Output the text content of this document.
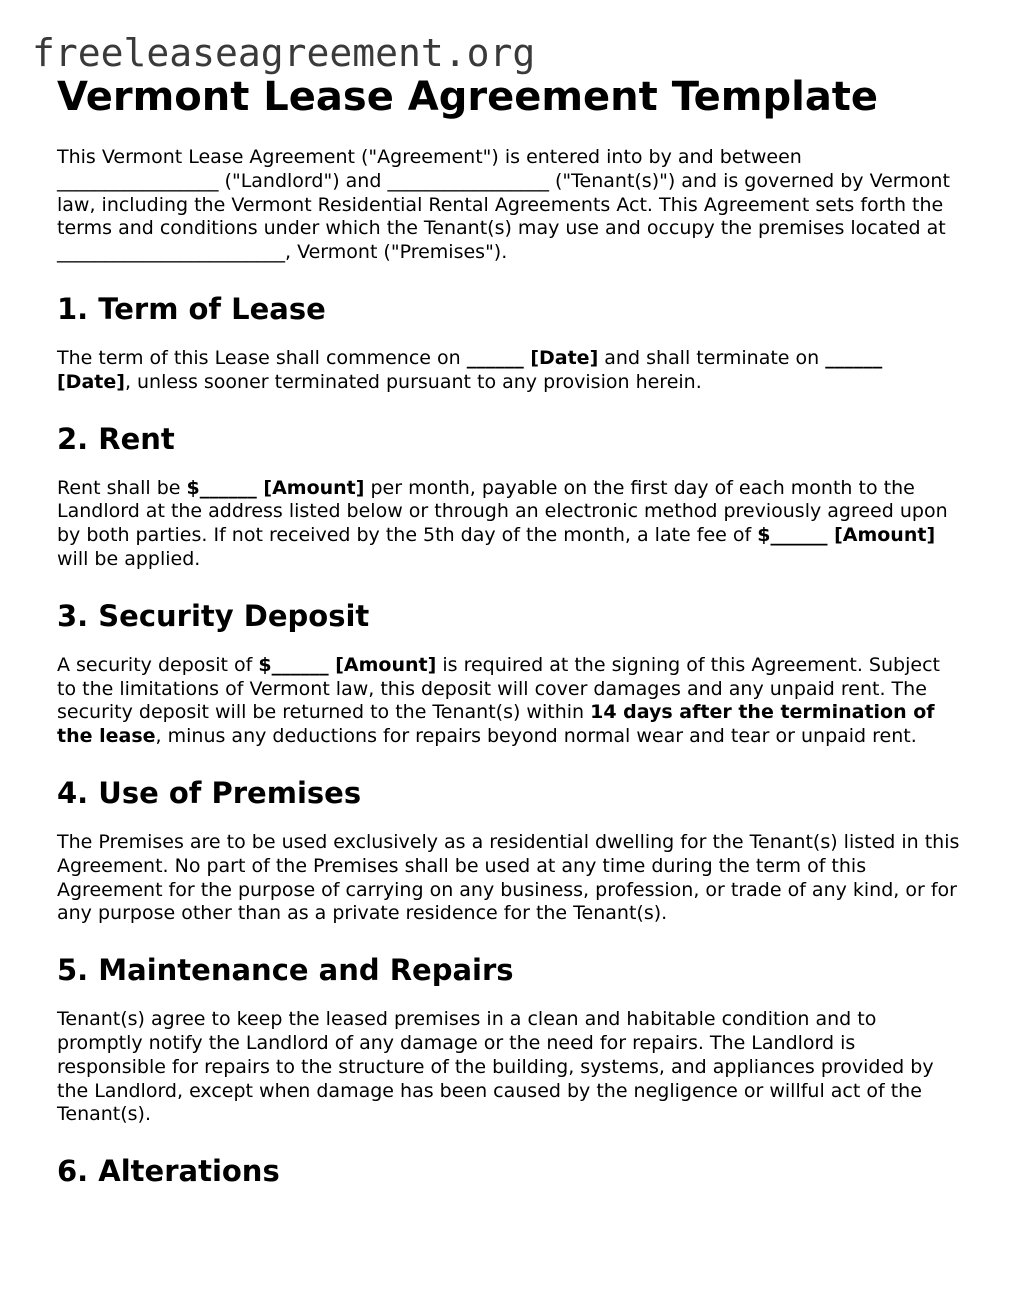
freeleaseagreement.org
Vermont Lease Agreement Template

This Vermont Lease Agreement ("Agreement") is entered into by and between
_________________ ("Landlord") and _________________ ("Tenant(s)") and is governed by Vermont law, including the Vermont Residential Rental Agreements Act. This Agreement sets forth the terms and conditions under which the Tenant(s) may use and occupy the premises located at ________________________, Vermont ("Premises").

1. Term of Lease

The term of this Lease shall commence on ______ [Date] and shall terminate on ______ [Date], unless sooner terminated pursuant to any provision herein.

2. Rent

Rent shall be $______ [Amount] per month, payable on the first day of each month to the Landlord at the address listed below or through an electronic method previously agreed upon by both parties. If not received by the 5th day of the month, a late fee of $______ [Amount] will be applied.

3. Security Deposit

A security deposit of $______ [Amount] is required at the signing of this Agreement. Subject to the limitations of Vermont law, this deposit will cover damages and any unpaid rent. The security deposit will be returned to the Tenant(s) within 14 days after the termination of the lease, minus any deductions for repairs beyond normal wear and tear or unpaid rent.

4. Use of Premises

The Premises are to be used exclusively as a residential dwelling for the Tenant(s) listed in this Agreement. No part of the Premises shall be used at any time during the term of this Agreement for the purpose of carrying on any business, profession, or trade of any kind, or for any purpose other than as a private residence for the Tenant(s).

5. Maintenance and Repairs

Tenant(s) agree to keep the leased premises in a clean and habitable condition and to promptly notify the Landlord of any damage or the need for repairs. The Landlord is responsible for repairs to the structure of the building, systems, and appliances provided by the Landlord, except when damage has been caused by the negligence or willful act of the Tenant(s).

6. Alterations
